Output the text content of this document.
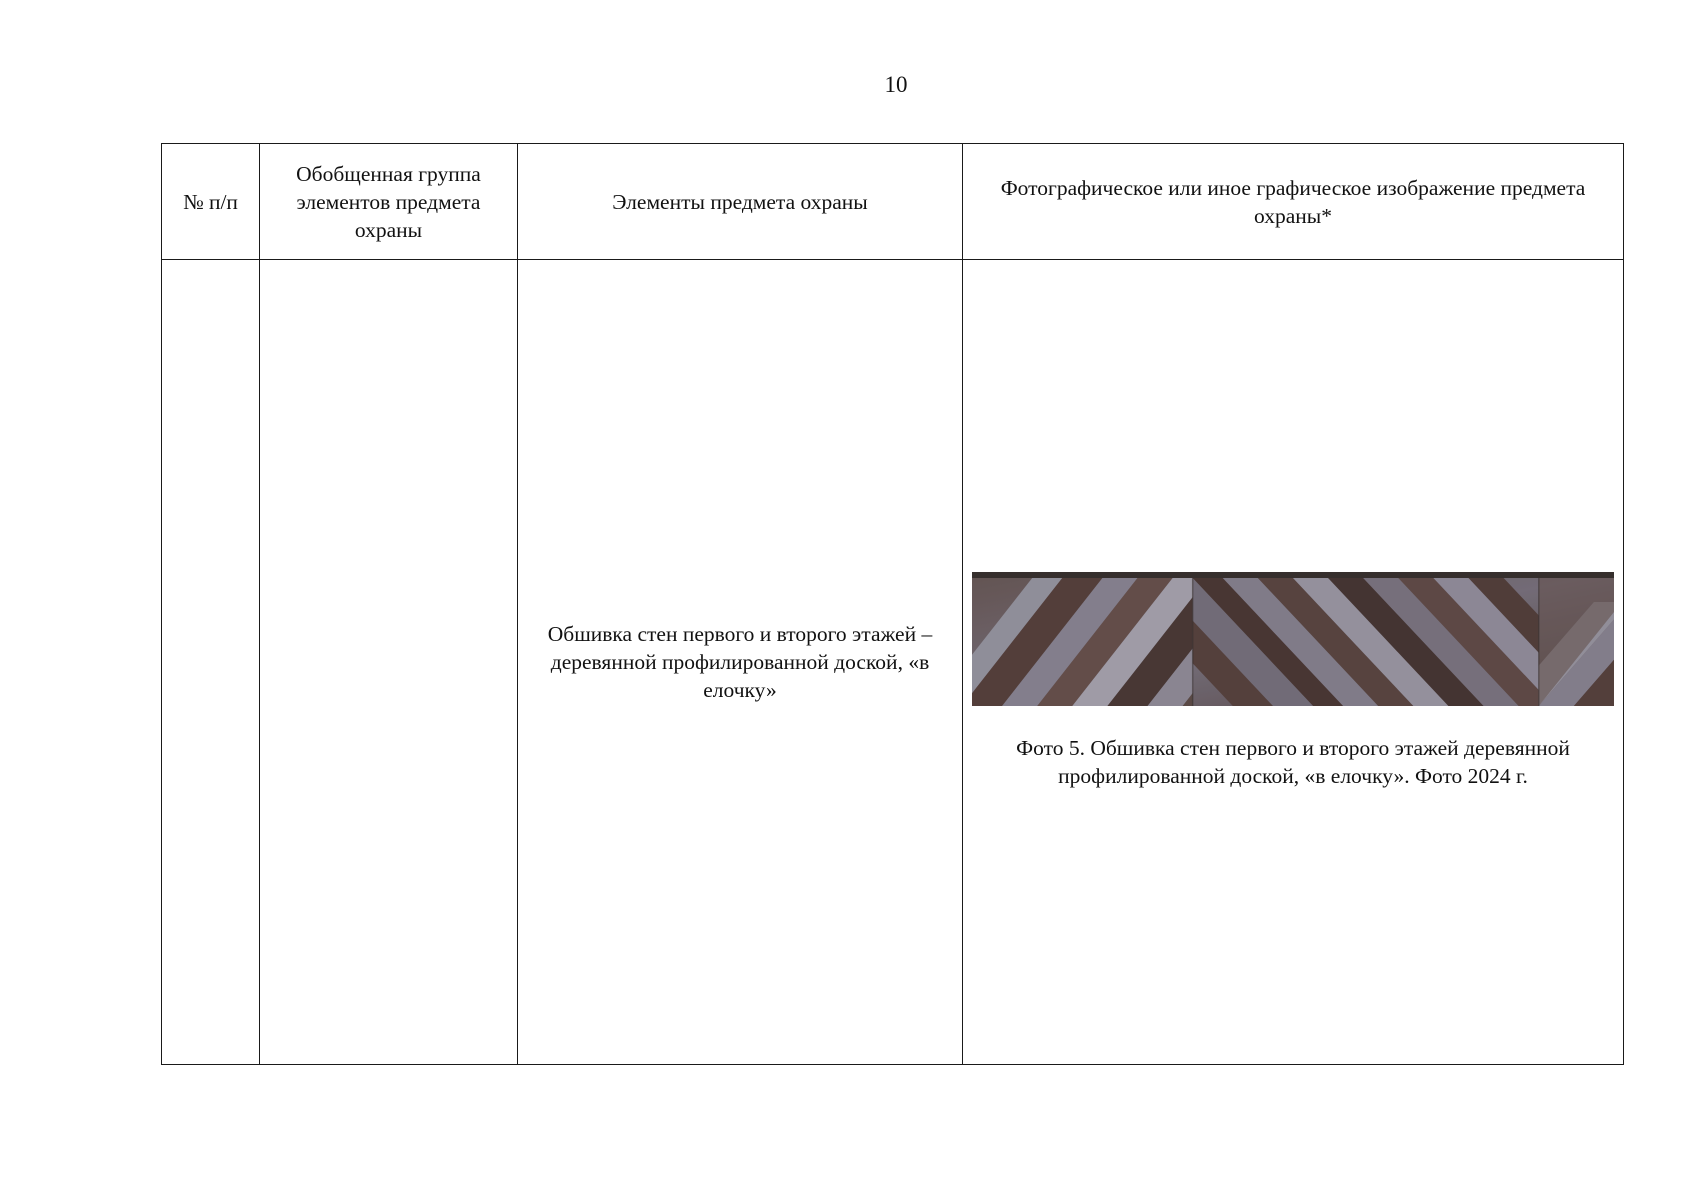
10
№ п/п	Обобщенная группа элементов предмета охраны	Элементы предмета охраны	Фотографическое или иное графическое изображение предмета охраны*
		Обшивка стен первого и второго этажей – деревянной профилированной доской, «в елочку»	Фото 5. Обшивка стен первого и второго этажей деревянной профилированной доской, «в елочку». Фото 2024 г.
